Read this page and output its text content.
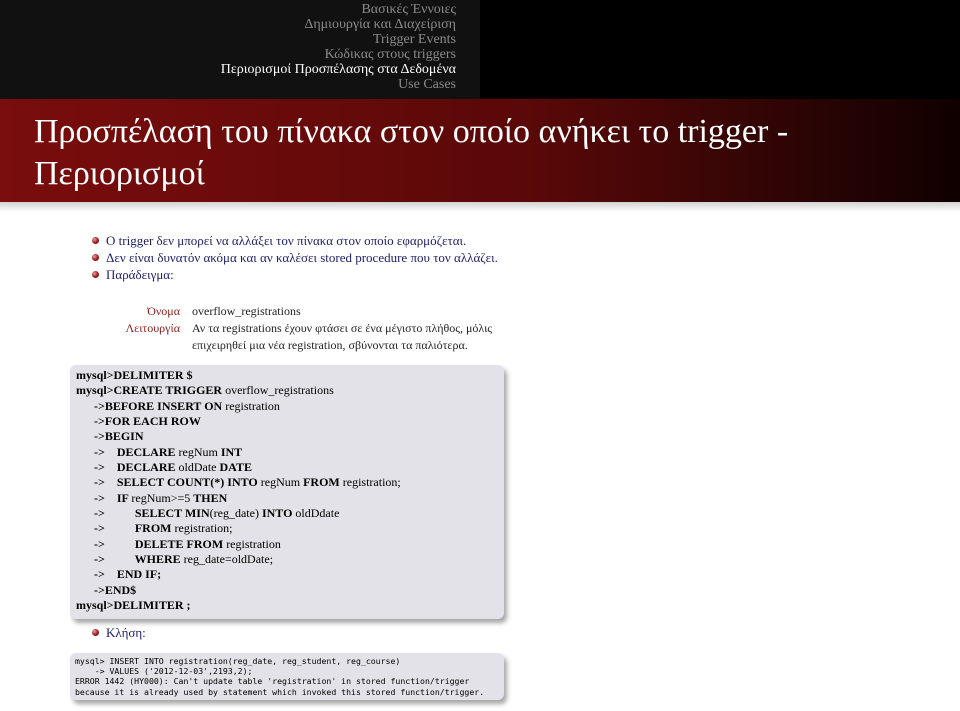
Βασικές Έννοιες
Δημιουργία και Διαχείριση
Trigger Events
Κώδικας στους triggers
Περιορισμοί Προσπέλασης στα Δεδομένα
Use Cases
Προσπέλαση του πίνακα στον οποίο ανήκει το trigger -
Περιορισμοί
O trigger δεν μπορεί να αλλάξει τον πίνακα στον οποίο εφαρμόζεται.
Δεν είναι δυνατόν ακόμα και αν καλέσει stored procedure που τον αλλάζει.
Παράδειγμα:
Όνομα overflow_registrations
Λειτουργία Αν τα registrations έχουν φτάσει σε ένα μέγιστο πλήθος, μόλις επιχειρηθεί μια νέα registration, σβύνονται τα παλιότερα.
mysql>DELIMITER $
mysql>CREATE TRIGGER overflow_registrations
->BEFORE INSERT ON registration
->FOR EACH ROW
->BEGIN
->    DECLARE regNum INT
->    DECLARE oldDate DATE
->    SELECT COUNT(*) INTO regNum FROM registration;
->    IF regNum>=5 THEN
->          SELECT MIN(reg_date) INTO oldDdate
->          FROM registration;
->          DELETE FROM registration
->          WHERE reg_date=oldDate;
->    END IF;
->END$
mysql>DELIMITER ;
Κλήση:
mysql> INSERT INTO registration(reg_date, reg_student, reg_course)
-> VALUES ('2012-12-03',2193,2);
ERROR 1442 (HY000): Can't update table 'registration' in stored function/trigger
because it is already used by statement which invoked this stored function/trigger.
